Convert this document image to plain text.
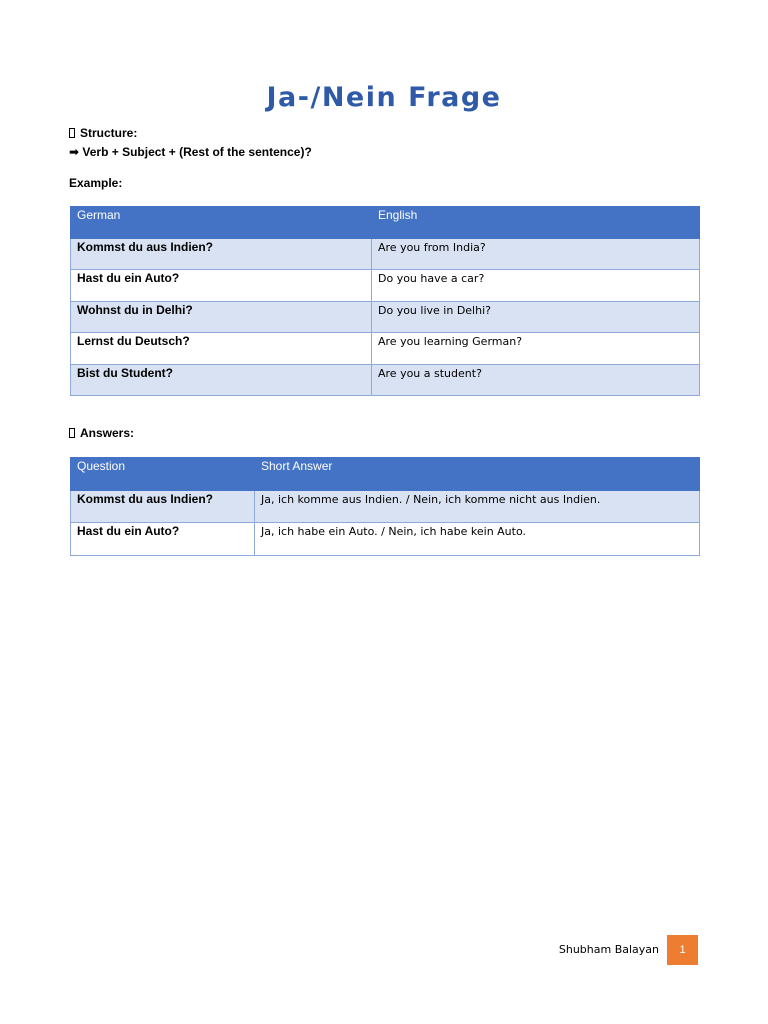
Ja-/Nein Frage
Structure:
➡ Verb + Subject + (Rest of the sentence)?
Example:
German	English
Kommst du aus Indien?	Are you from India?
Hast du ein Auto?	Do you have a car?
Wohnst du in Delhi?	Do you live in Delhi?
Lernst du Deutsch?	Are you learning German?
Bist du Student?	Are you a student?
Answers:
Question	Short Answer
Kommst du aus Indien?	Ja, ich komme aus Indien. / Nein, ich komme nicht aus Indien.
Hast du ein Auto?	Ja, ich habe ein Auto. / Nein, ich habe kein Auto.
Shubham Balayan	1
